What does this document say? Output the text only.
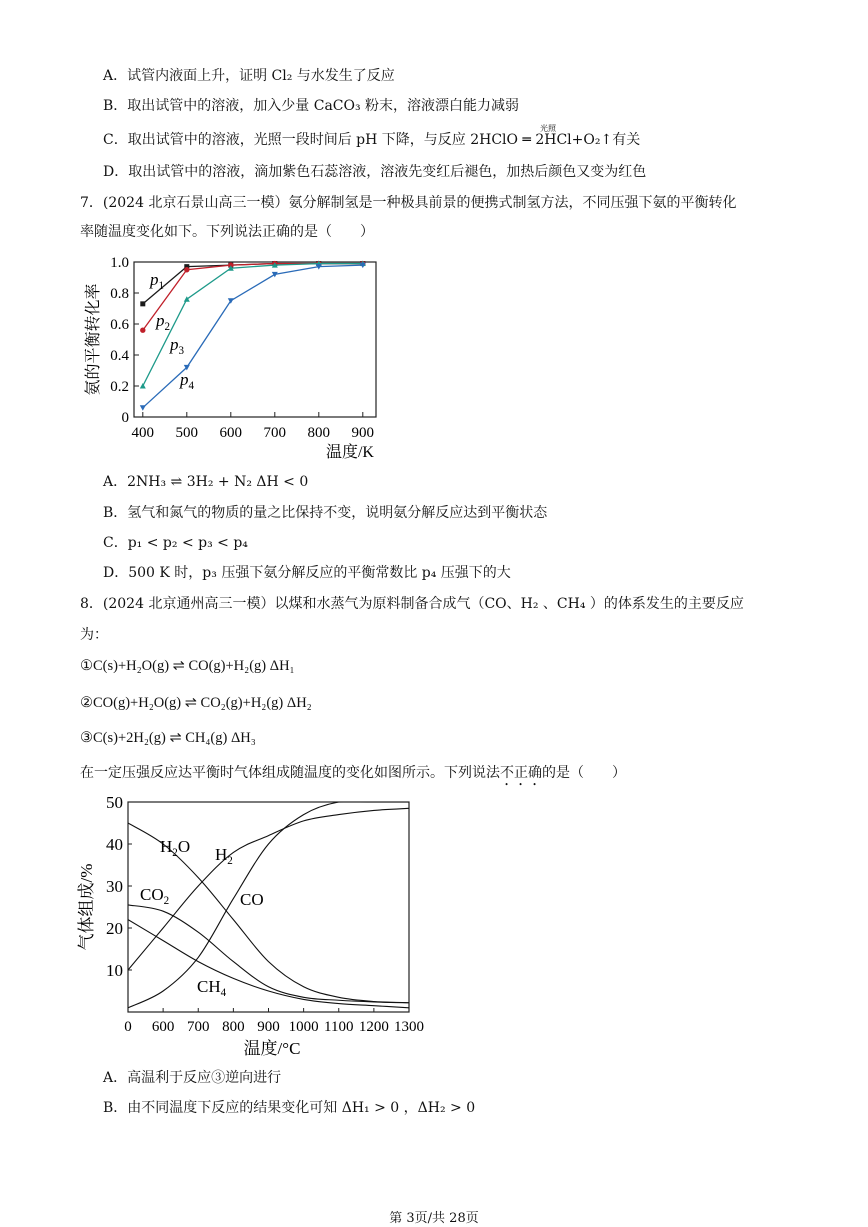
A．试管内液面上升，证明 Cl₂ 与水发生了反应
B．取出试管中的溶液，加入少量 CaCO₃ 粉末，溶液漂白能力减弱
C．取出试管中的溶液，光照一段时间后 pH 下降，与反应 2HClO ═ 2HCl+O₂↑有关
光照
D．取出试管中的溶液，滴加紫色石蕊溶液，溶液先变红后褪色，加热后颜色又变为红色
7．(2024 北京石景山高三一模）氨分解制氢是一种极具前景的便携式制氢方法，不同压强下氨的平衡转化
率随温度变化如下。下列说法正确的是（　　）
400 500 600 700 800 900
0
0.2
0.4
0.6
0.8
1.0
温度/K
氨的平衡转化率
$p_1$
$p_2$
$p_3$
$p_4$
A．2NH₃ ⇌ 3H₂ + N₂ ΔH < 0
B．氢气和氮气的物质的量之比保持不变，说明氨分解反应达到平衡状态
C．p₁ < p₂ < p₃ < p₄
D．500 K 时，p₃ 压强下氨分解反应的平衡常数比 p₄ 压强下的大
8．(2024 北京通州高三一模）以煤和水蒸气为原料制备合成气（CO、H₂ 、CH₄ ）的体系发生的主要反应
为：
①C(s)+H₂O(g) ⇌ CO(g)+H₂(g) ΔH₁
②CO(g)+H₂O(g) ⇌ CO₂(g)+H₂(g) ΔH₂
③C(s)+2H₂(g) ⇌ CH₄(g) ΔH₃
在一定压强反应达平衡时气体组成随温度的变化如图所示。下列说法不正确的是（　　）
0 600 700 800 900 1000 1100 1200 1300
10
20
30
40
50
温度/°C
气体组成/%
$H_2O$ $H_2$
$CO_2$	CO
$CH_4$
A．高温利于反应③逆向进行
B．由不同温度下反应的结果变化可知 ΔH₁ > 0 ，ΔH₂ > 0
第 3页/共 28页
